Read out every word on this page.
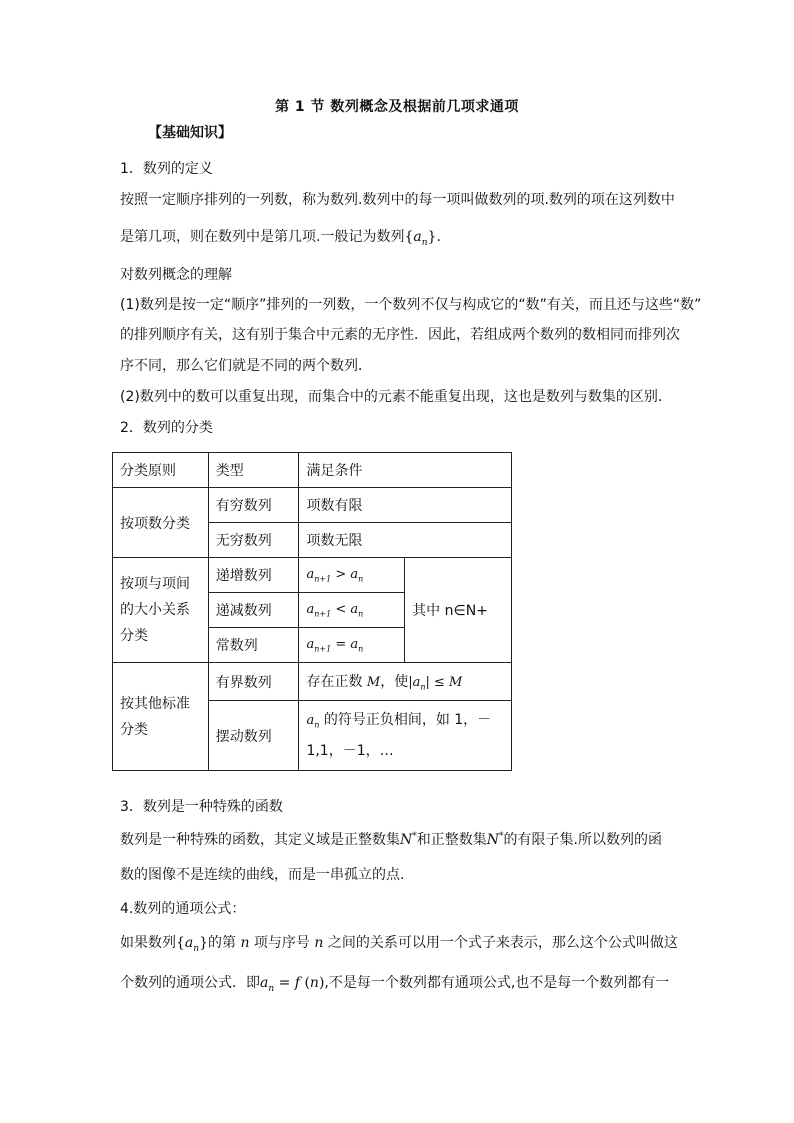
第 1 节 数列概念及根据前几项求通项
【基础知识】
1．数列的定义
按照一定顺序排列的一列数，称为数列.数列中的每一项叫做数列的项.数列的项在这列数中
是第几项，则在数列中是第几项.一般记为数列$\{a_n\}$.
对数列概念的理解
(1)数列是按一定“顺序”排列的一列数，一个数列不仅与构成它的“数”有关，而且还与这些“数”
的排列顺序有关，这有别于集合中元素的无序性．因此，若组成两个数列的数相同而排列次
序不同，那么它们就是不同的两个数列．
(2)数列中的数可以重复出现，而集合中的元素不能重复出现，这也是数列与数集的区别．
2．数列的分类
分类原则	类型	满足条件	
按项数分类	有穷数列	项数有限	
	无穷数列	项数无限	
按项与项间的大小关系分类	递增数列	$a_{n+1} > a_n$	其中 n∈N+
	递减数列	$a_{n+1} < a_n$
	常数列	$a_{n+1} = a_n$
按其他标准分类	有界数列	存在正数 M，使$|a_n| \le M$	
	摆动数列	$a_n$ 的符号正负相间，如 1，－
1,1，－1，…	
3．数列是一种特殊的函数
数列是一种特殊的函数，其定义域是正整数集N*和正整数集N*的有限子集.所以数列的函
数的图像不是连续的曲线，而是一串孤立的点.
4.数列的通项公式：
如果数列$\{a_n\}$的第 n 项与序号 n 之间的关系可以用一个式子来表示，那么这个公式叫做这
个数列的通项公式．即$a_n = f$ (n),不是每一个数列都有通项公式,也不是每一个数列都有一
